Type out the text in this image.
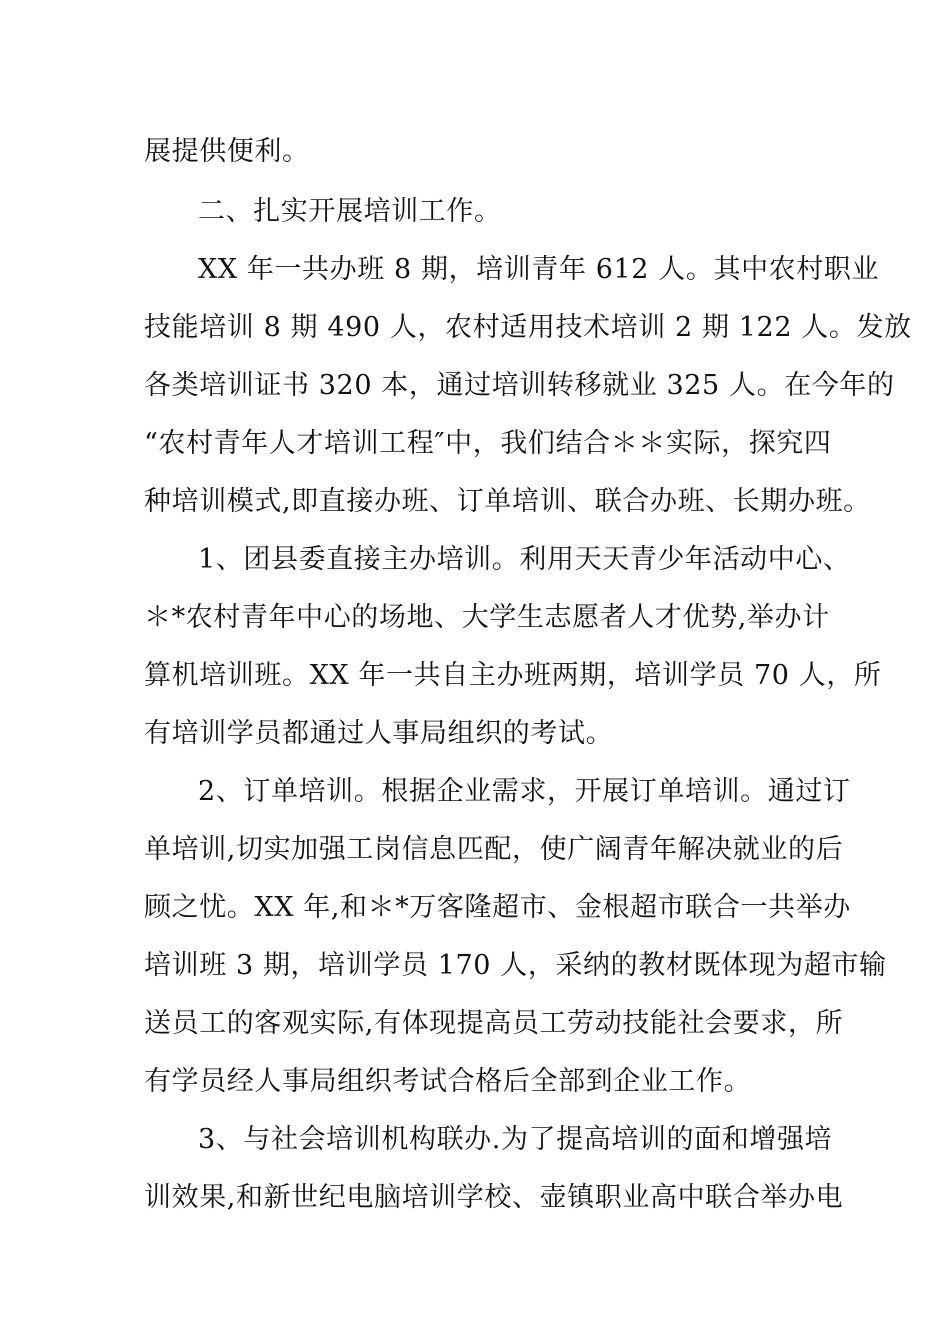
展提供便利。
二、扎实开展培训工作。
XX 年一共办班 8 期，培训青年 612 人。其中农村职业
技能培训 8 期 490 人，农村适用技术培训 2 期 122 人。发放
各类培训证书 320 本，通过培训转移就业 325 人。在今年的
“农村青年人才培训工程″中，我们结合＊＊实际，探究四
种培训模式,即直接办班、订单培训、联合办班、长期办班。
1、团县委直接主办培训。利用天天青少年活动中心、
＊*农村青年中心的场地、大学生志愿者人才优势,举办计
算机培训班。XX 年一共自主办班两期，培训学员 70 人，所
有培训学员都通过人事局组织的考试。
2、订单培训。根据企业需求，开展订单培训。通过订
单培训,切实加强工岗信息匹配，使广阔青年解决就业的后
顾之忧。XX 年,和＊*万客隆超市、金根超市联合一共举办
培训班 3 期，培训学员 170 人，采纳的教材既体现为超市输
送员工的客观实际,有体现提高员工劳动技能社会要求，所
有学员经人事局组织考试合格后全部到企业工作。
3、与社会培训机构联办.为了提高培训的面和增强培
训效果,和新世纪电脑培训学校、壶镇职业高中联合举办电
